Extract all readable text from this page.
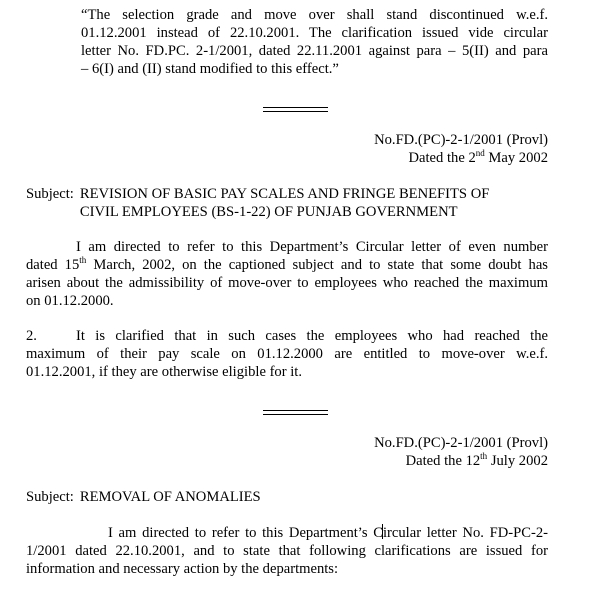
“The selection grade and move over shall stand discontinued w.e.f.
01.12.2001 instead of 22.10.2001. The clarification issued vide circular
letter No. FD.PC. 2-1/2001, dated 22.11.2001 against para – 5(II) and para
– 6(I) and (II) stand modified to this effect.”
No.FD.(PC)-2-1/2001 (Provl)
Dated the 2nd May 2002
Subject: REVISION OF BASIC PAY SCALES AND FRINGE BENEFITS OF
CIVIL EMPLOYEES (BS-1-22) OF PUNJAB GOVERNMENT
I am directed to refer to this Department’s Circular letter of even number
dated 15th March, 2002, on the captioned subject and to state that some doubt has
arisen about the admissibility of move-over to employees who reached the maximum
on 01.12.2000.
2.	It is clarified that in such cases the employees who had reached the
maximum of their pay scale on 01.12.2000 are entitled to move-over w.e.f.
01.12.2001, if they are otherwise eligible for it.
No.FD.(PC)-2-1/2001 (Provl)
Dated the 12th July 2002
Subject: REMOVAL OF ANOMALIES
I am directed to refer to this Department’s Circular letter No. FD-PC-2-
1/2001 dated 22.10.2001, and to state that following clarifications are issued for
information and necessary action by the departments:
